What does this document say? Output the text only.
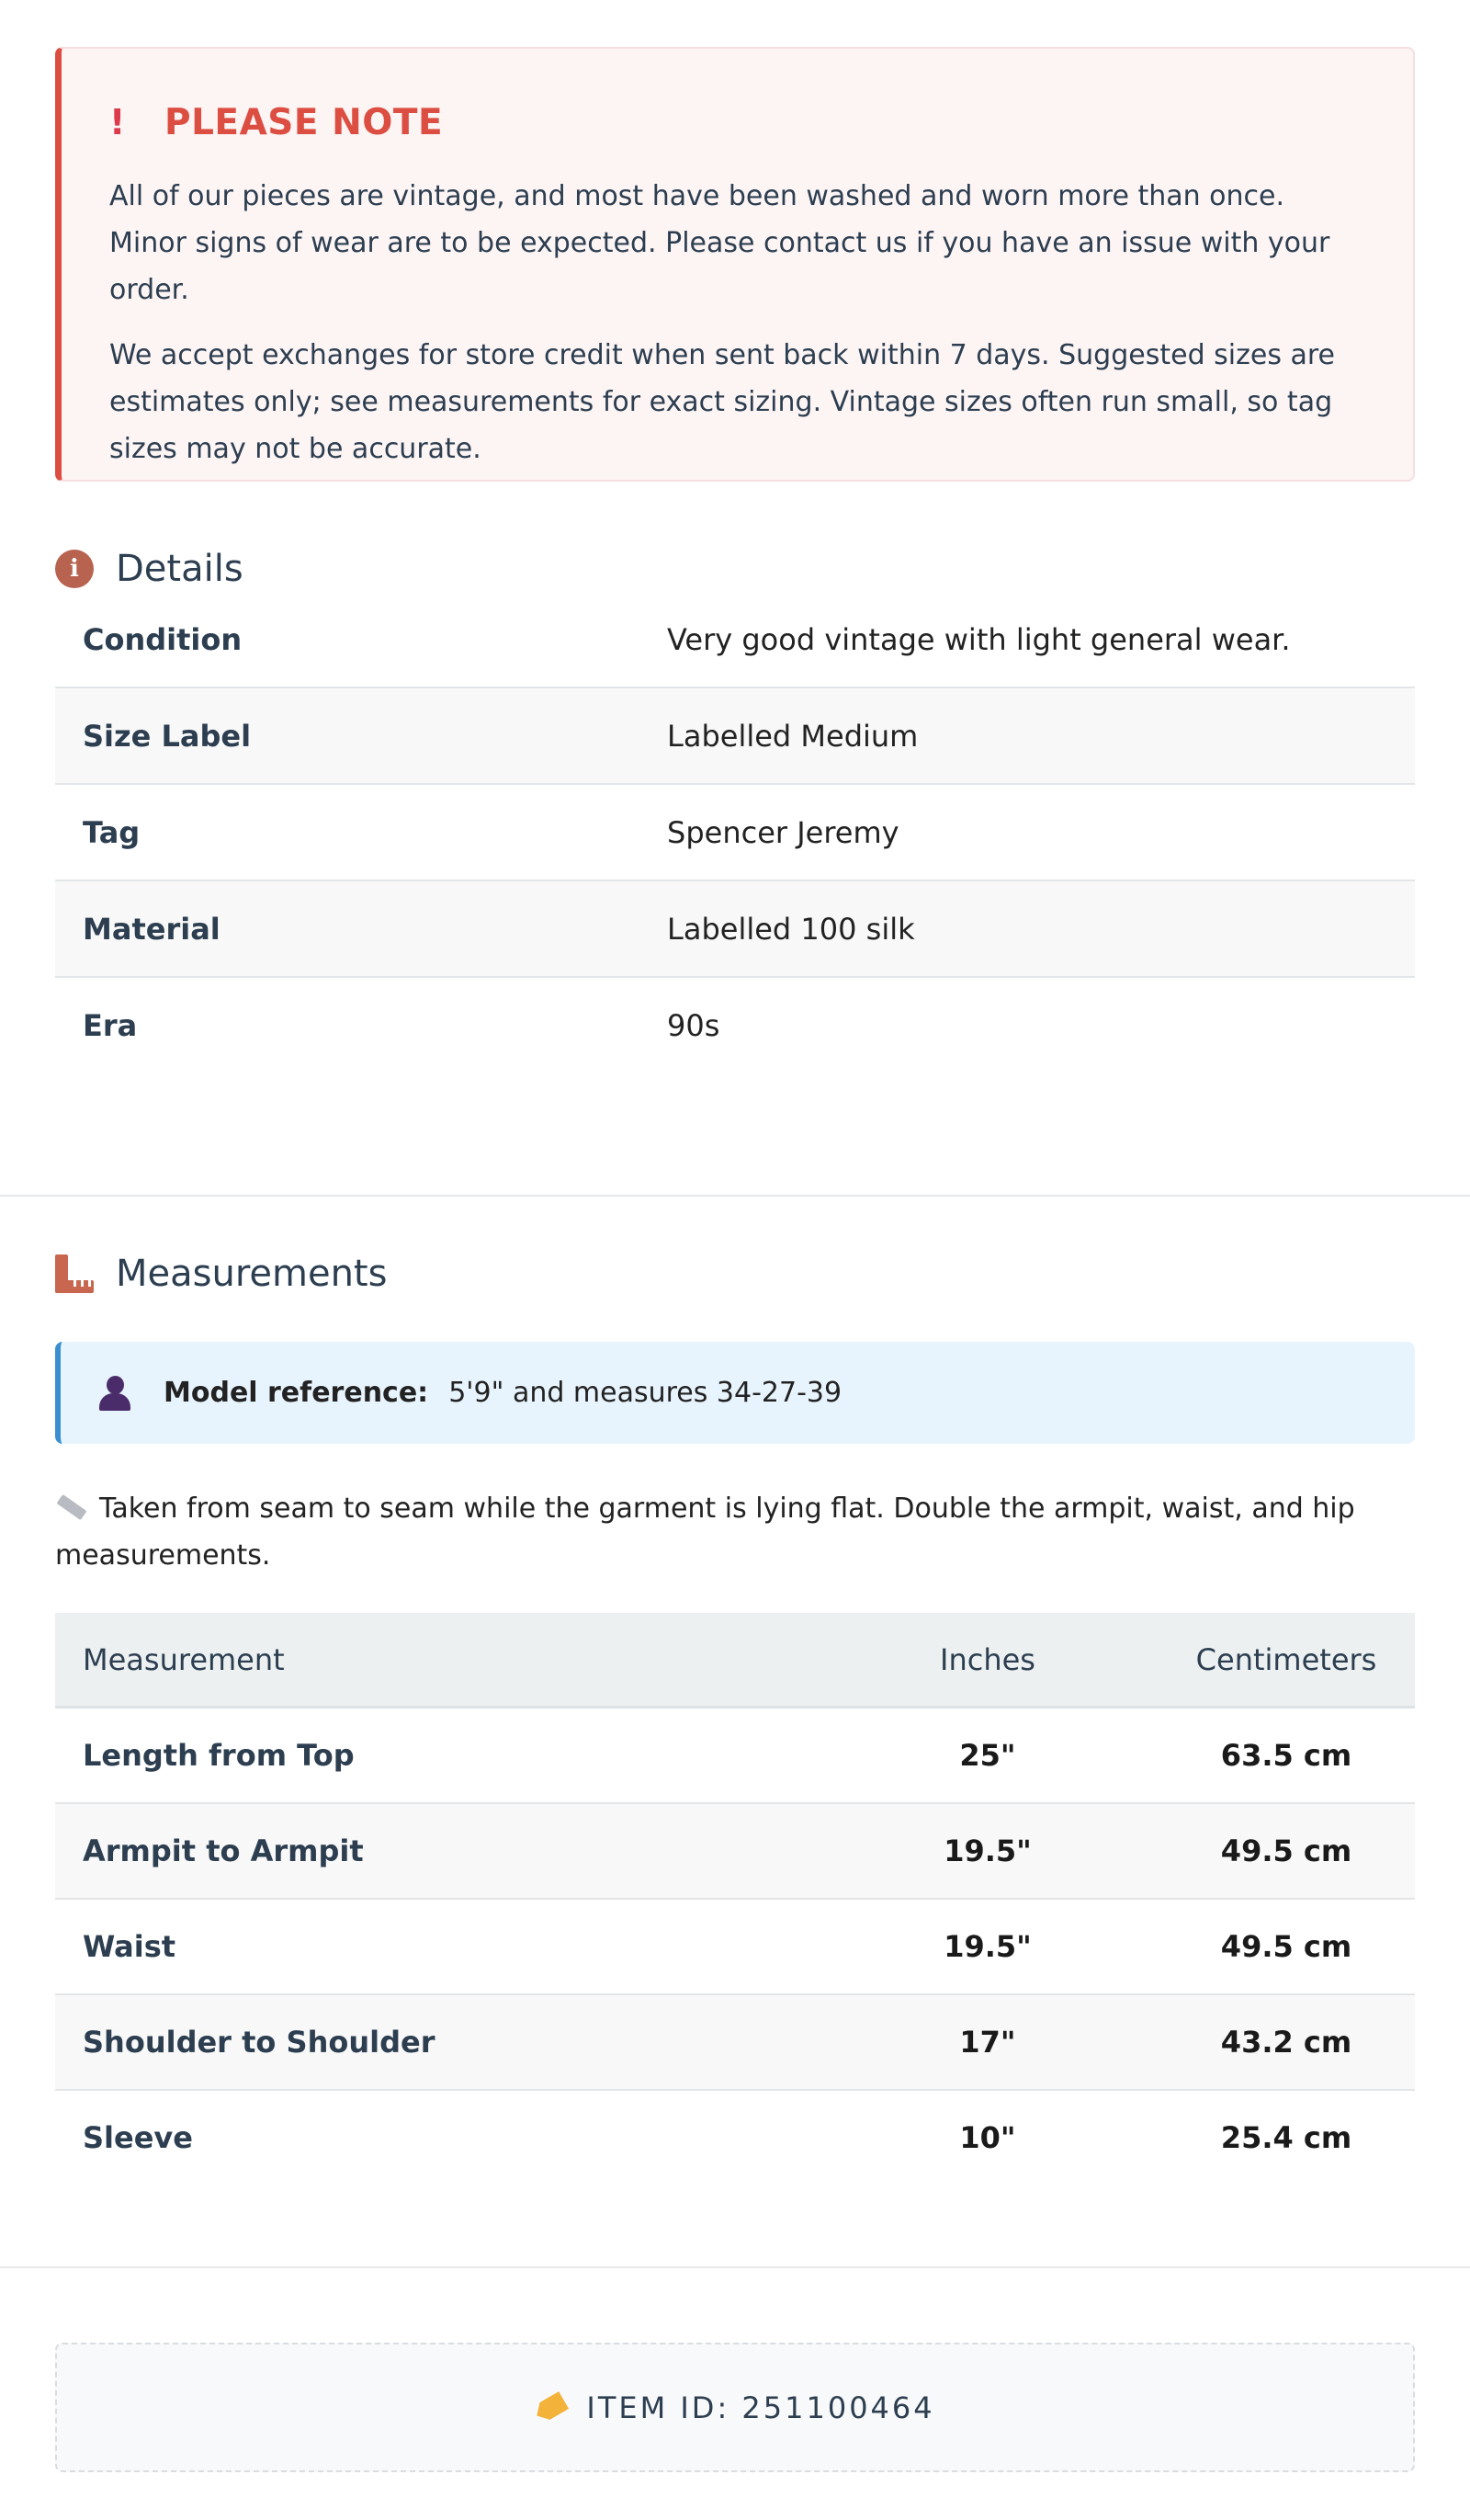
! PLEASE NOTE

All of our pieces are vintage, and most have been washed and worn more than once. Minor signs of wear are to be expected. Please contact us if you have an issue with your order.

We accept exchanges for store credit when sent back within 7 days. Suggested sizes are estimates only; see measurements for exact sizing. Vintage sizes often run small, so tag sizes may not be accurate.

i	Details
Condition	Very good vintage with light general wear.
Size Label	Labelled Medium
Tag	Spencer Jeremy
Material	Labelled 100 silk
Era	90s
Measurements
Model reference: 5'9" and measures 34-27-39
Taken from seam to seam while the garment is lying flat. Double the armpit, waist, and hip measurements.
Measurement	Inches	Centimeters
Length from Top	25"	63.5 cm
Armpit to Armpit	19.5"	49.5 cm
Waist	19.5"	49.5 cm
Shoulder to Shoulder	17"	43.2 cm
Sleeve	10"	25.4 cm
ITEM ID: 251100464
